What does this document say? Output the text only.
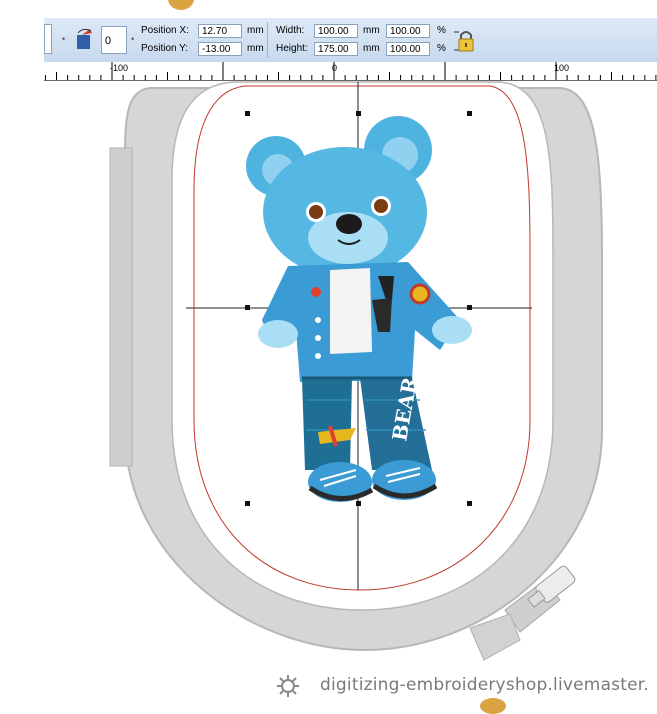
•	0	•
Position X:	12.70	mm
Position Y:	-13.00	mm
Width:	100.00	mm	100.00	%
Height:	175.00	mm	100.00	%
-100	0	100
BEAR
digitizing-embroideryshop.livemaster.
